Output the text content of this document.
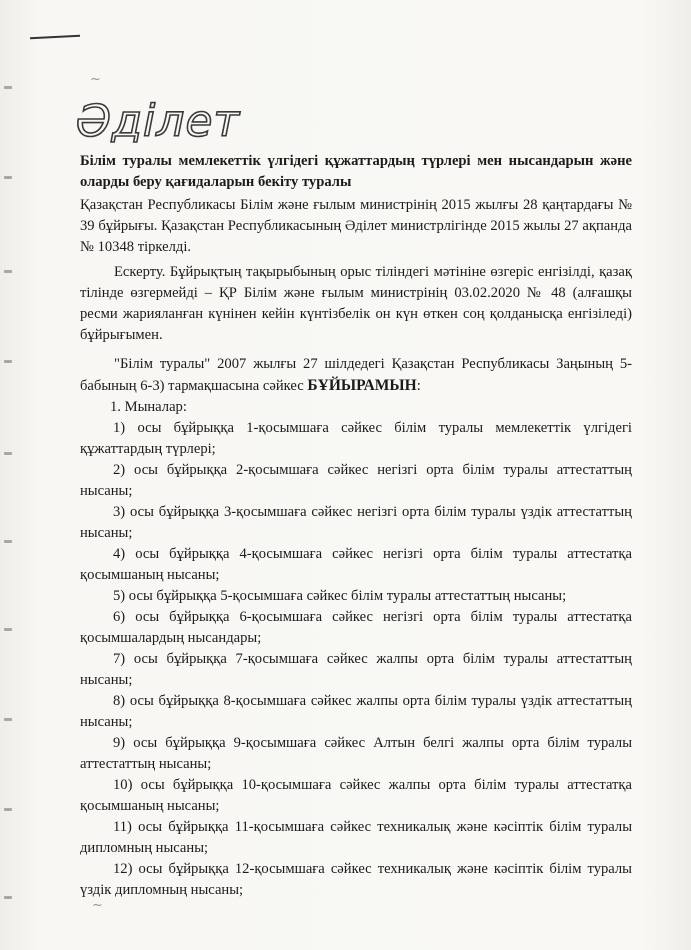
~
~
Әділет

Білім туралы мемлекеттік үлгідегі құжаттардың түрлері мен нысандарын және оларды беру қағидаларын бекіту туралы

Қазақстан Республикасы Білім және ғылым министрінің 2015 жылғы 28 қаңтардағы № 39 бұйрығы. Қазақстан Республикасының Әділет министрлігінде 2015 жылы 27 ақпанда № 10348 тіркелді.

Ескерту. Бұйрықтың тақырыбының орыс тіліндегі мәтініне өзгеріс енгізілді, қазақ тілінде өзгермейді – ҚР Білім және ғылым министрінің 03.02.2020 № 48 (алғашқы ресми жарияланған күнінен кейін күнтізбелік он күн өткен соң қолданысқа енгізіледі) бұйрығымен.

"Білім туралы" 2007 жылғы 27 шілдедегі Қазақстан Республикасы Заңының 5-бабының 6-3) тармақшасына сәйкес БҰЙЫРАМЫН:

1. Мыналар:

1) осы бұйрыққа 1-қосымшаға сәйкес білім туралы мемлекеттік үлгідегі құжаттардың түрлері;

2) осы бұйрыққа 2-қосымшаға сәйкес негізгі орта білім туралы аттестаттың нысаны;

3) осы бұйрыққа 3-қосымшаға сәйкес негізгі орта білім туралы үздік аттестаттың нысаны;

4) осы бұйрыққа 4-қосымшаға сәйкес негізгі орта білім туралы аттестатқа қосымшаның нысаны;

5) осы бұйрыққа 5-қосымшаға сәйкес білім туралы аттестаттың нысаны;

6) осы бұйрыққа 6-қосымшаға сәйкес негізгі орта білім туралы аттестатқа қосымшалардың нысандары;

7) осы бұйрыққа 7-қосымшаға сәйкес жалпы орта білім туралы аттестаттың нысаны;

8) осы бұйрыққа 8-қосымшаға сәйкес жалпы орта білім туралы үздік аттестаттың нысаны;

9) осы бұйрыққа 9-қосымшаға сәйкес Алтын белгі жалпы орта білім туралы аттестаттың нысаны;

10) осы бұйрыққа 10-қосымшаға сәйкес жалпы орта білім туралы аттестатқа қосымшаның нысаны;

11) осы бұйрыққа 11-қосымшаға сәйкес техникалық және кәсіптік білім туралы дипломның нысаны;

12) осы бұйрыққа 12-қосымшаға сәйкес техникалық және кәсіптік білім туралы үздік дипломның нысаны;
